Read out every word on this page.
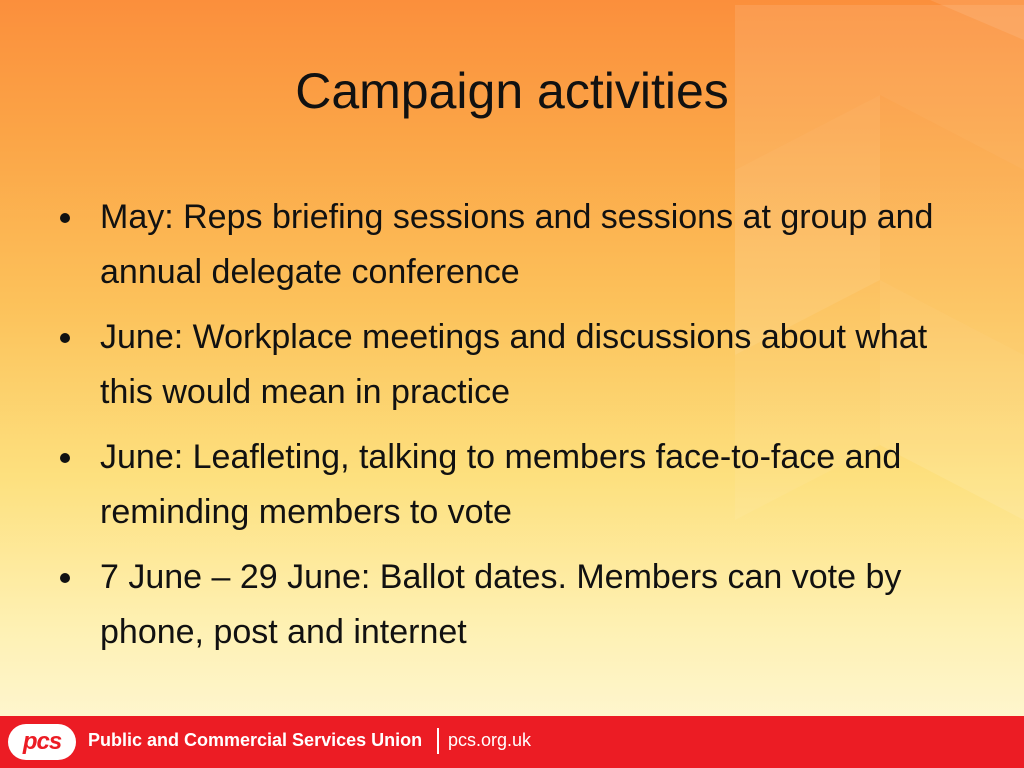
Campaign activities
May: Reps briefing sessions and sessions at group and annual delegate conference
June: Workplace meetings and discussions about what this would mean in practice
June: Leafleting, talking to members face-to-face and reminding members to vote
7 June – 29 June: Ballot dates. Members can vote by phone, post and internet
pcs Public and Commercial Services Union pcs.org.uk
